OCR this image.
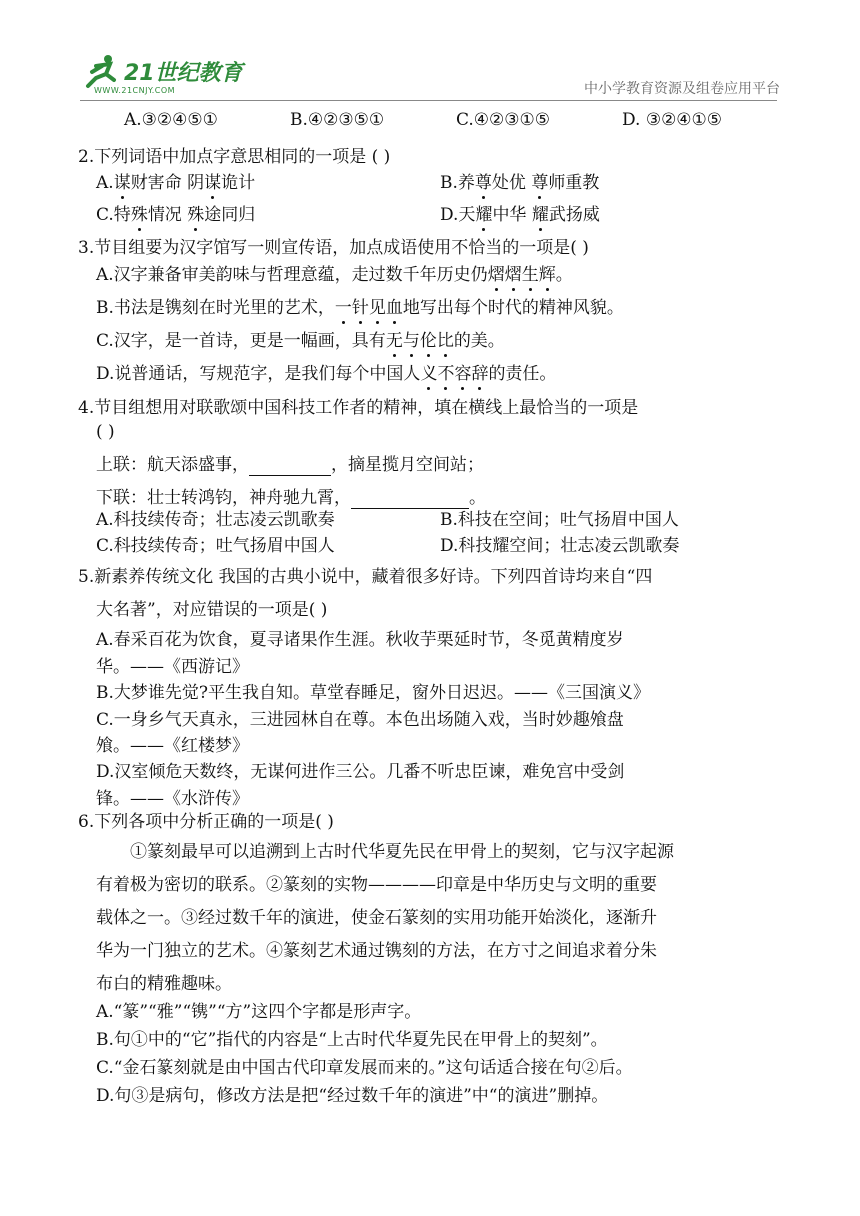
21世纪教育
WWW.21CNJY.COM	中小学教育资源及组卷应用平台
A.③②④⑤①	B.④②③⑤①	C.④②③①⑤	D. ③②④①⑤
2.下列词语中加点字意思相同的一项是 ( )
A.谋财害命 阴谋诡计	B.养尊处优 尊师重教
C.特殊情况 殊途同归	D.天耀中华 耀武扬威
3.节目组要为汉字馆写一则宣传语，加点成语使用不恰当的一项是( )
A.汉字兼备审美韵味与哲理意蕴，走过数千年历史仍熠熠生辉。
B.书法是镌刻在时光里的艺术，一针见血地写出每个时代的精神风貌。
C.汉字，是一首诗，更是一幅画，具有无与伦比的美。
D.说普通话，写规范字，是我们每个中国人义不容辞的责任。
4.节目组想用对联歌颂中国科技工作者的精神，填在横线上最恰当的一项是
( )
上联：航天添盛事，	，摘星揽月空间站；
下联：壮士转鸿钧，神舟驰九霄，	。
A.科技续传奇；壮志凌云凯歌奏	B.科技在空间；吐气扬眉中国人
C.科技续传奇；吐气扬眉中国人	D.科技耀空间；壮志凌云凯歌奏
5.新素养传统文化 我国的古典小说中，藏着很多好诗。下列四首诗均来自“四
大名著”，对应错误的一项是( )
A.春采百花为饮食，夏寻诸果作生涯。秋收芋栗延时节，冬觅黄精度岁
华。——《西游记》
B.大梦谁先觉?平生我自知。草堂春睡足，窗外日迟迟。——《三国演义》
C.一身乡气天真永，三进园林自在尊。本色出场随入戏，当时妙趣飧盘
飧。——《红楼梦》
D.汉室倾危天数终，无谋何进作三公。几番不听忠臣谏，难免宫中受剑
锋。——《水浒传》
6.下列各项中分析正确的一项是( )
①篆刻最早可以追溯到上古时代华夏先民在甲骨上的契刻，它与汉字起源
有着极为密切的联系。②篆刻的实物————印章是中华历史与文明的重要
载体之一。③经过数千年的演进，使金石篆刻的实用功能开始淡化，逐渐升
华为一门独立的艺术。④篆刻艺术通过镌刻的方法，在方寸之间追求着分朱
布白的精雅趣味。
A.“篆”“雅”“镌”“方”这四个字都是形声字。
B.句①中的“它”指代的内容是“上古时代华夏先民在甲骨上的契刻”。
C.“金石篆刻就是由中国古代印章发展而来的。”这句话适合接在句②后。
D.句③是病句，修改方法是把“经过数千年的演进”中“的演进”删掉。
